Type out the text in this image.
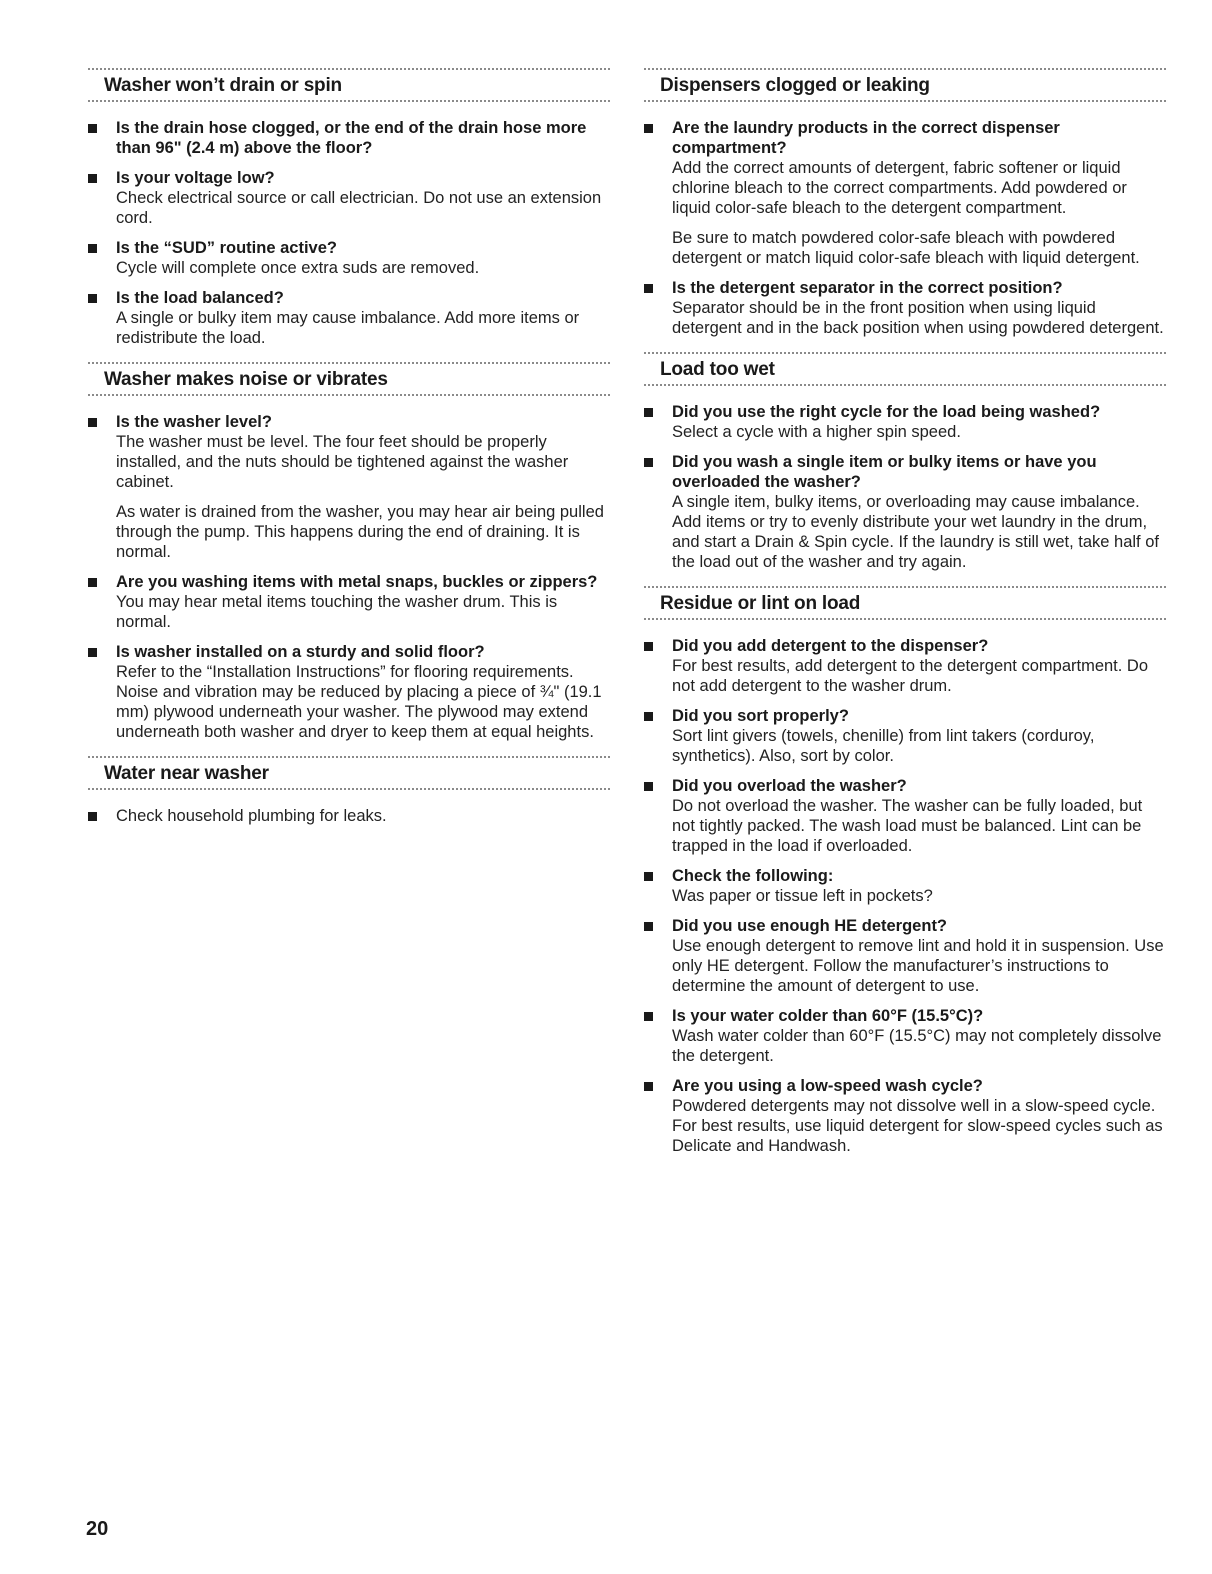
Washer won’t drain or spin
Is the drain hose clogged, or the end of the drain hose more than 96" (2.4 m) above the floor?
Is your voltage low?
Check electrical source or call electrician. Do not use an extension cord.
Is the “SUD” routine active?
Cycle will complete once extra suds are removed.
Is the load balanced?
A single or bulky item may cause imbalance. Add more items or redistribute the load.
Washer makes noise or vibrates
Is the washer level?
The washer must be level. The four feet should be properly installed, and the nuts should be tightened against the washer cabinet.
As water is drained from the washer, you may hear air being pulled through the pump. This happens during the end of draining. It is normal.
Are you washing items with metal snaps, buckles or zippers?
You may hear metal items touching the washer drum. This is normal.
Is washer installed on a sturdy and solid floor?
Refer to the “Installation Instructions” for flooring requirements. Noise and vibration may be reduced by placing a piece of ¾" (19.1 mm) plywood underneath your washer. The plywood may extend underneath both washer and dryer to keep them at equal heights.
Water near washer
Check household plumbing for leaks.
Dispensers clogged or leaking
Are the laundry products in the correct dispenser compartment?
Add the correct amounts of detergent, fabric softener or liquid chlorine bleach to the correct compartments. Add powdered or liquid color-safe bleach to the detergent compartment.
Be sure to match powdered color-safe bleach with powdered detergent or match liquid color-safe bleach with liquid detergent.
Is the detergent separator in the correct position?
Separator should be in the front position when using liquid detergent and in the back position when using powdered detergent.
Load too wet
Did you use the right cycle for the load being washed?
Select a cycle with a higher spin speed.
Did you wash a single item or bulky items or have you overloaded the washer?
A single item, bulky items, or overloading may cause imbalance. Add items or try to evenly distribute your wet laundry in the drum, and start a Drain & Spin cycle. If the laundry is still wet, take half of the load out of the washer and try again.
Residue or lint on load
Did you add detergent to the dispenser?
For best results, add detergent to the detergent compartment. Do not add detergent to the washer drum.
Did you sort properly?
Sort lint givers (towels, chenille) from lint takers (corduroy, synthetics). Also, sort by color.
Did you overload the washer?
Do not overload the washer. The washer can be fully loaded, but not tightly packed. The wash load must be balanced. Lint can be trapped in the load if overloaded.
Check the following:
Was paper or tissue left in pockets?
Did you use enough HE detergent?
Use enough detergent to remove lint and hold it in suspension. Use only HE detergent. Follow the manufacturer’s instructions to determine the amount of detergent to use.
Is your water colder than 60°F (15.5°C)?
Wash water colder than 60°F (15.5°C) may not completely dissolve the detergent.
Are you using a low-speed wash cycle?
Powdered detergents may not dissolve well in a slow-speed cycle. For best results, use liquid detergent for slow-speed cycles such as Delicate and Handwash.
20
